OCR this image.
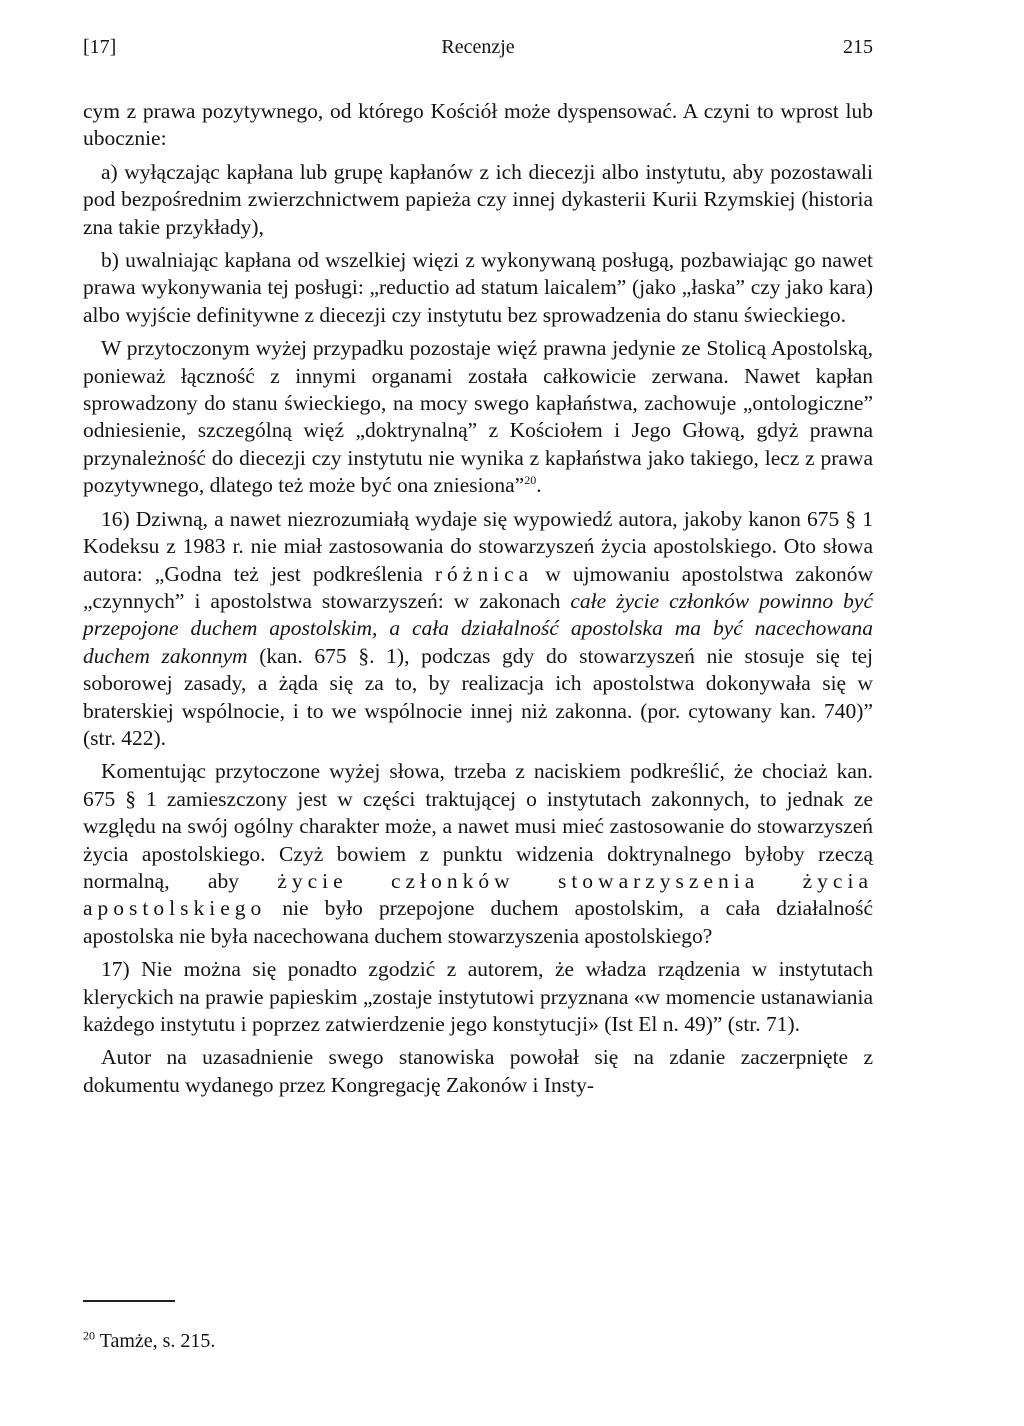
[17]	Recenzje	215

cym z prawa pozytywnego, od którego Kościół może dyspensować. A czyni to wprost lub ubocznie:

a) wyłączając kapłana lub grupę kapłanów z ich diecezji albo instytutu, aby pozostawali pod bezpośrednim zwierzchnictwem papieża czy innej dykasterii Kurii Rzymskiej (historia zna takie przykłady),

b) uwalniając kapłana od wszelkiej więzi z wykonywaną posługą, pozbawiając go nawet prawa wykonywania tej posługi: „reductio ad statum laicalem” (jako „łaska” czy jako kara) albo wyjście definitywne z diecezji czy instytutu bez sprowadzenia do stanu świeckiego.

W przytoczonym wyżej przypadku pozostaje więź prawna jedynie ze Stolicą Apostolską, ponieważ łączność z innymi organami została całkowicie zerwana. Nawet kapłan sprowadzony do stanu świeckiego, na mocy swego kapłaństwa, zachowuje „ontologiczne” odniesienie, szczególną więź „doktrynalną” z Kościołem i Jego Głową, gdyż prawna przynależność do diecezji czy instytutu nie wynika z kapłaństwa jako takiego, lecz z prawa pozytywnego, dlatego też może być ona zniesiona”$^{20}$.

16) Dziwną, a nawet niezrozumiałą wydaje się wypowiedź autora, jakoby kanon 675 § 1 Kodeksu z 1983 r. nie miał zastosowania do stowarzyszeń życia apostolskiego. Oto słowa autora: „Godna też jest podkreślenia różnica w ujmowaniu apostolstwa zakonów „czynnych” i apostolstwa stowarzyszeń: w zakonach całe życie członków powinno być przepojone duchem apostolskim, a cała działalność apostolska ma być nacechowana duchem zakonnym (kan. 675 §. 1), podczas gdy do stowarzyszeń nie stosuje się tej soborowej zasady, a żąda się za to, by realizacja ich apostolstwa dokonywała się w braterskiej wspólnocie, i to we wspólnocie innej niż zakonna. (por. cytowany kan. 740)” (str. 422).

Komentując przytoczone wyżej słowa, trzeba z naciskiem podkreślić, że chociaż kan. 675 § 1 zamieszczony jest w części traktującej o instytutach zakonnych, to jednak ze względu na swój ogólny charakter może, a nawet musi mieć zastosowanie do stowarzyszeń życia apostolskiego. Czyż bowiem z punktu widzenia doktrynalnego byłoby rzeczą normalną, aby życie członków stowarzyszenia życia apostolskiego nie było przepojone duchem apostolskim, a cała działalność apostolska nie była nacechowana duchem stowarzyszenia apostolskiego?

17) Nie można się ponadto zgodzić z autorem, że władza rządzenia w instytutach kleryckich na prawie papieskim „zostaje instytutowi przyznana «w momencie ustanawiania każdego instytutu i poprzez zatwierdzenie jego konstytucji» (Ist El n. 49)” (str. 71).

Autor na uzasadnienie swego stanowiska powołał się na zdanie zaczerpnięte z dokumentu wydanego przez Kongregację Zakonów i Insty-

$^{20}$ Tamże, s. 215.
